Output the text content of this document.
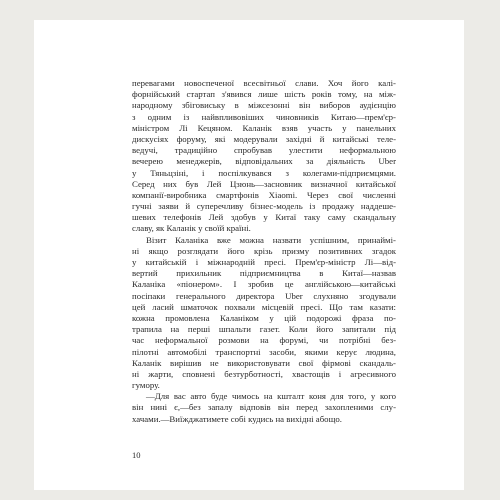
перевагами новоспеченої всесвітньої слави. Хоч його калі-
форнійський стартап з'явився лише шість років тому, на між-
народному збіговиську в міжсезонні він виборов аудієнцію
з одним із найвпливовіших чиновників Китаю—прем'єр-
міністром Лі Кецяном. Каланік взяв участь у панельних
дискусіях форуму, які модерували західні й китайські теле-
ведучі, традиційно спробував улестити неформальною
вечерею менеджерів, відповідальних за діяльність Uber
у Тяньцзіні, і поспілкувався з колегами-підприємцями.
Серед них був Лей Цзюнь—засновник визначної китайської
компанії-виробника смартфонів Xiaomi. Через свої численні
гучні заяви й суперечливу бізнес-модель із продажу наддеше-
шевих телефонів Лей здобув у Китаї таку саму скандальну
славу, як Каланік у своїй країні.

Візит Каланіка вже можна назвати успішним, принаймі-
ні якщо розглядати його крізь призму позитивних згадок
у китайській і міжнародній пресі. Прем'єр-міністр Лі—від-
вертий прихильник підприємництва в Китаї—назвав
Каланіка «піонером». І зробив це англійською—китайські
посіпаки генерального директора Uber слухняно згодували
цей ласий шматочок похвали місцевій пресі. Що там казати:
кожна промовлена Каланіком у цій подорожі фраза по-
трапила на перші шпальти газет. Коли його запитали під
час неформальної розмови на форумі, чи потрібні без-
пілотні автомобілі транспортні засоби, якими керує людина,
Каланік вирішив не використовувати свої фірмові скандаль-
ні жарти, сповнені безтурботності, хвастощів і агресивного
гумору.

—Для вас авто буде чимось на кшталт коня для того, у кого
він нині є,—без запалу відповів він перед захопленими слу-
хачами.—Виїжджатимете собі кудись на вихідні абощо.

10
